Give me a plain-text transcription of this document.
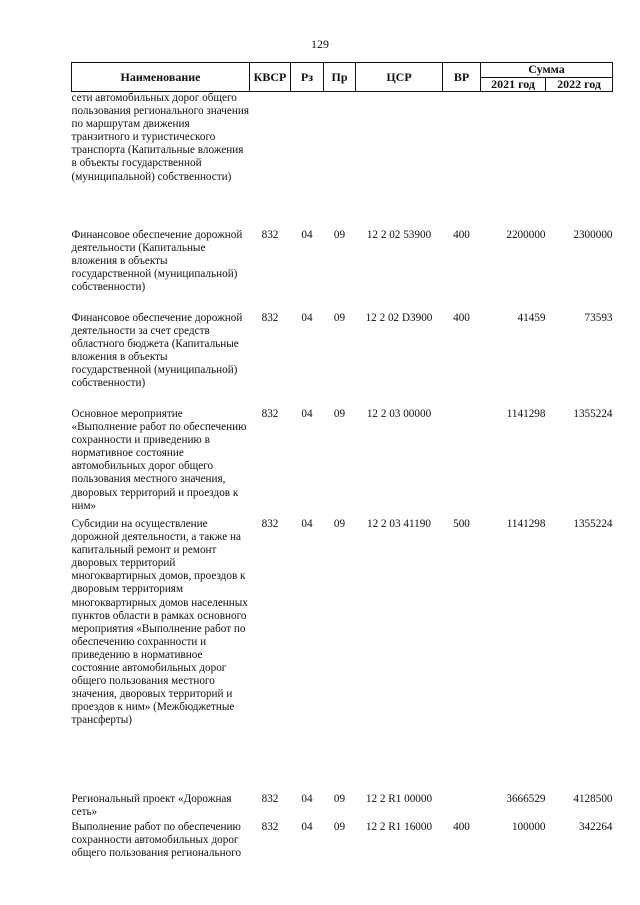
129
Наименование	КВСР	Рз	Пр	ЦСР	ВР	Сумма	
						2021 год	2022 год
сети автомобильных дорог общего пользования регионального значения по маршрутам движения транзитного и туристического транспорта (Капитальные вложения в объекты государственной (муниципальной) собственности)							
Финансовое обеспечение дорожной деятельности (Капитальные вложения в объекты государственной (муниципальной) собственности)	832	04	09	12 2 02 53900	400	2200000	2300000
Финансовое обеспечение дорожной деятельности за счет средств областного бюджета (Капитальные вложения в объекты государственной (муниципальной) собственности)	832	04	09	12 2 02 D3900	400	41459	73593
Основное мероприятие «Выполнение работ по обеспечению сохранности и приведению в нормативное состояние автомобильных дорог общего пользования местного значения, дворовых территорий и проездов к ним»	832	04	09	12 2 03 00000		1141298	1355224
Субсидии на осуществление дорожной деятельности, а также на капитальный ремонт и ремонт дворовых территорий многоквартирных домов, проездов к дворовым территориям многоквартирных домов населенных пунктов области в рамках основного мероприятия «Выполнение работ по обеспечению сохранности и приведению в нормативное состояние автомобильных дорог общего пользования местного значения, дворовых территорий и проездов к ним» (Межбюджетные трансферты)	832	04	09	12 2 03 41190	500	1141298	1355224
Региональный проект «Дорожная сеть»	832	04	09	12 2 R1 00000		3666529	4128500
Выполнение работ по обеспечению сохранности автомобильных дорог общего пользования регионального	832	04	09	12 2 R1 16000	400	100000	342264
